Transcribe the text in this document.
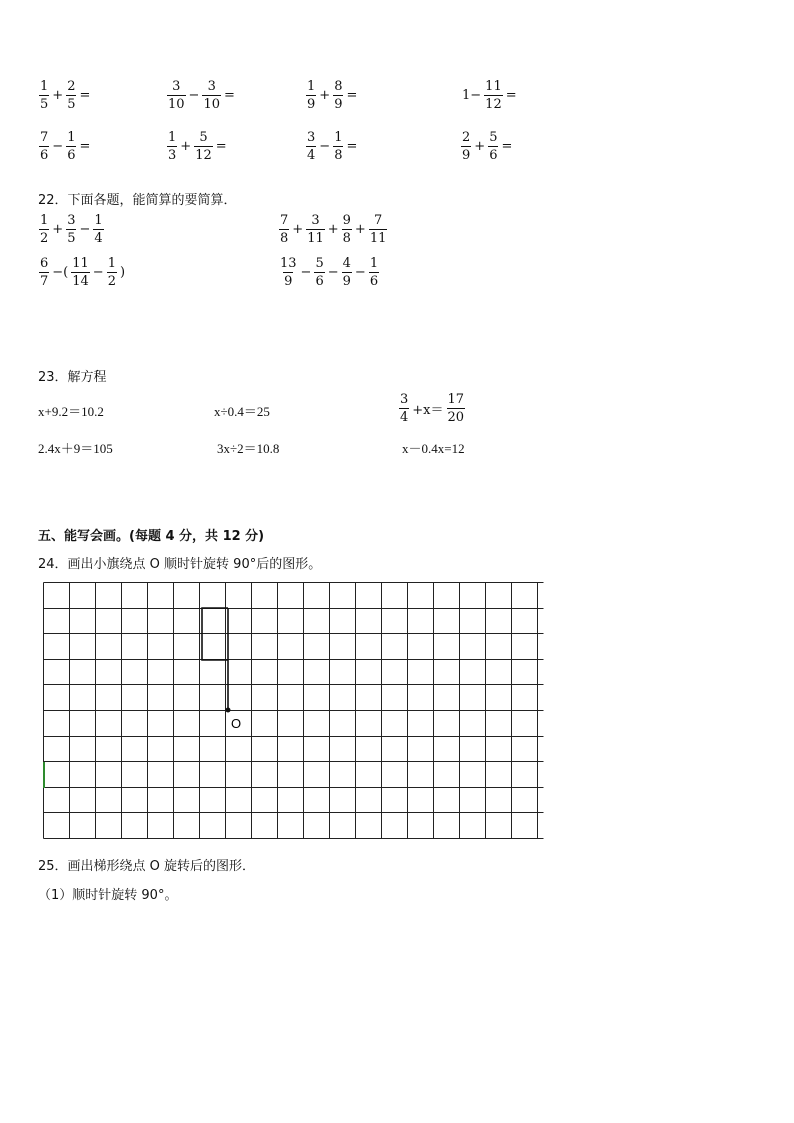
$\frac{1}{5} + \frac{2}{5}$ =	$\frac{3}{10} - \frac{3}{10}$ =	$\frac{1}{9} + \frac{8}{9}$ =	$1- \frac{11}{12}$ =
$\frac{7}{6} - \frac{1}{6}$ =	$\frac{1}{3} + \frac{5}{12}$ =	$\frac{3}{4} - \frac{1}{8}$ =	$\frac{2}{9} + \frac{5}{6}$ =
22．下面各题，能简算的要简算．
$\frac{1}{2} + \frac{3}{5} - \frac{1}{4}$	$\frac{7}{8} + \frac{3}{11} + \frac{9}{8} + \frac{7}{11}$
$\frac{6}{7}$ −( $\frac{11}{14} - \frac{1}{2}$ )	$\frac{13}{9} - \frac{5}{6} - \frac{4}{9} - \frac{1}{6}$
23．解方程
x+9.2＝10.2	x÷0.4＝25	$\frac{3}{4} +x= \frac{17}{20}$
2.4x＋9＝105	3x÷2＝10.8	x－0.4x=12
五、能写会画。(每题 4 分，共 12 分)
24．画出小旗绕点 O 顺时针旋转 90°后的图形。
O
25．画出梯形绕点 O 旋转后的图形．
（1）顺时针旋转 90°。
